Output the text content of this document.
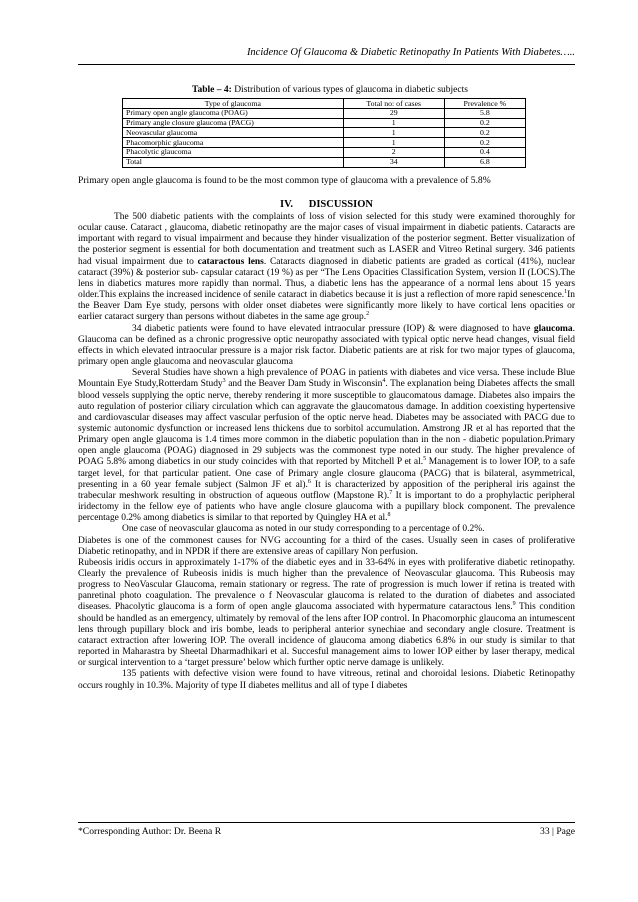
Incidence Of Glaucoma & Diabetic Retinopathy In Patients With Diabetes…..
Table – 4: Distribution of various types of glaucoma in diabetic subjects
Type of glaucoma	Total no: of cases	Prevalence %
Primary open angle glaucoma (POAG)	29	5.8
Primary angle closure glaucoma (PACG)	1	0.2
Neovascular glaucoma	1	0.2
Phacomorphic glaucoma	1	0.2
Phacolytic glaucoma	2	0.4
Total	34	6.8
Primary open angle glaucoma is found to be the most common type of glaucoma with a prevalence of 5.8%
IV. DISCUSSION

The 500 diabetic patients with the complaints of loss of vision selected for this study were examined thoroughly for ocular cause. Cataract , glaucoma, diabetic retinopathy are the major cases of visual impairment in diabetic patients. Cataracts are important with regard to visual impairment and because they hinder visualization of the posterior segment. Better visualization of the posterior segment is essential for both documentation and treatment such as LASER and Vitreo Retinal surgery. 346 patients had visual impairment due to cataractous lens. Cataracts diagnosed in diabetic patients are graded as cortical (41%), nuclear cataract (39%) & posterior sub- capsular cataract (19 %) as per “The Lens Opacities Classification System, version II (LOCS).The lens in diabetics matures more rapidly than normal. Thus, a diabetic lens has the appearance of a normal lens about 15 years older.This explains the increased incidence of senile cataract in diabetics because it is just a reflection of more rapid senescence.$^1$In the Beaver Dam Eye study, persons with older onset diabetes were significantly more likely to have cortical lens opacities or earlier cataract surgery than persons without diabetes in the same age group.$^2$

34 diabetic patients were found to have elevated intraocular pressure (IOP) & were diagnosed to have glaucoma. Glaucoma can be defined as a chronic progressive optic neuropathy associated with typical optic nerve head changes, visual field effects in which elevated intraocular pressure is a major risk factor. Diabetic patients are at risk for two major types of glaucoma, primary open angle glaucoma and neovascular glaucoma

Several Studies have shown a high prevalence of POAG in patients with diabetes and vice versa. These include Blue Mountain Eye Study,Rotterdam Study$^3$ and the Beaver Dam Study in Wisconsin$^4$. The explanation being Diabetes affects the small blood vessels supplying the optic nerve, thereby rendering it more susceptible to glaucomatous damage. Diabetes also impairs the auto regulation of posterior ciliary circulation which can aggravate the glaucomatous damage. In addition coexisting hypertensive and cardiovascular diseases may affect vascular perfusion of the optic nerve head. Diabetes may be associated with PACG due to systemic autonomic dysfunction or increased lens thickens due to sorbitol accumulation. Amstrong JR et al has reported that the Primary open angle glaucoma is 1.4 times more common in the diabetic population than in the non - diabetic population.Primary open angle glaucoma (POAG) diagnosed in 29 subjects was the commonest type noted in our study. The higher prevalence of POAG 5.8% among diabetics in our study coincides with that reported by Mitchell P et al.$^5$ Management is to lower IOP, to a safe target level, for that particular patient. One case of Primary angle closure glaucoma (PACG) that is bilateral, asymmetrical, presenting in a 60 year female subject (Salmon JF et al).$^6$ It is characterized by apposition of the peripheral iris against the trabecular meshwork resulting in obstruction of aqueous outflow (Mapstone R).$^7$ It is important to do a prophylactic peripheral iridectomy in the fellow eye of patients who have angle closure glaucoma with a pupillary block component. The prevalence percentage 0.2% among diabetics is similar to that reported by Quingley HA et al.$^8$

One case of neovascular glaucoma as noted in our study corresponding to a percentage of 0.2%.

Diabetes is one of the commonest causes for NVG accounting for a third of the cases. Usually seen in cases of proliferative Diabetic retinopathy, and in NPDR if there are extensive areas of capillary Non perfusion.

Rubeosis iridis occurs in approximately 1-17% of the diabetic eyes and in 33-64% in eyes with proliferative diabetic retinopathy. Clearly the prevalence of Rubeosis inidis is much higher than the prevalence of Neovascular glaucoma. This Rubeosis may progress to NeoVascular Glaucoma, remain stationary or regress. The rate of progression is much lower if retina is treated with panretinal photo coagulation. The prevalence o f Neovascular glaucoma is related to the duration of diabetes and associated diseases. Phacolytic glaucoma is a form of open angle glaucoma associated with hypermature cataractous lens.$^9$ This condition should be handled as an emergency, ultimately by removal of the lens after IOP control. In Phacomorphic glaucoma an intumescent lens through pupillary block and iris bombe, leads to peripheral anterior synechiae and secondary angle closure. Treatment is cataract extraction after lowering IOP. The overall incidence of glaucoma among diabetics 6.8% in our study is similar to that reported in Maharastra by Sheetal Dharmadhikari et al. Succesful management aims to lower IOP either by laser therapy, medical or surgical intervention to a ‘target pressure’ below which further optic nerve damage is unlikely.

135 patients with defective vision were found to have vitreous, retinal and choroidal lesions. Diabetic Retinopathy occurs roughly in 10.3%. Majority of type II diabetes mellitus and all of type I diabetes

*Corresponding Author: Dr. Beena R	33 | Page
